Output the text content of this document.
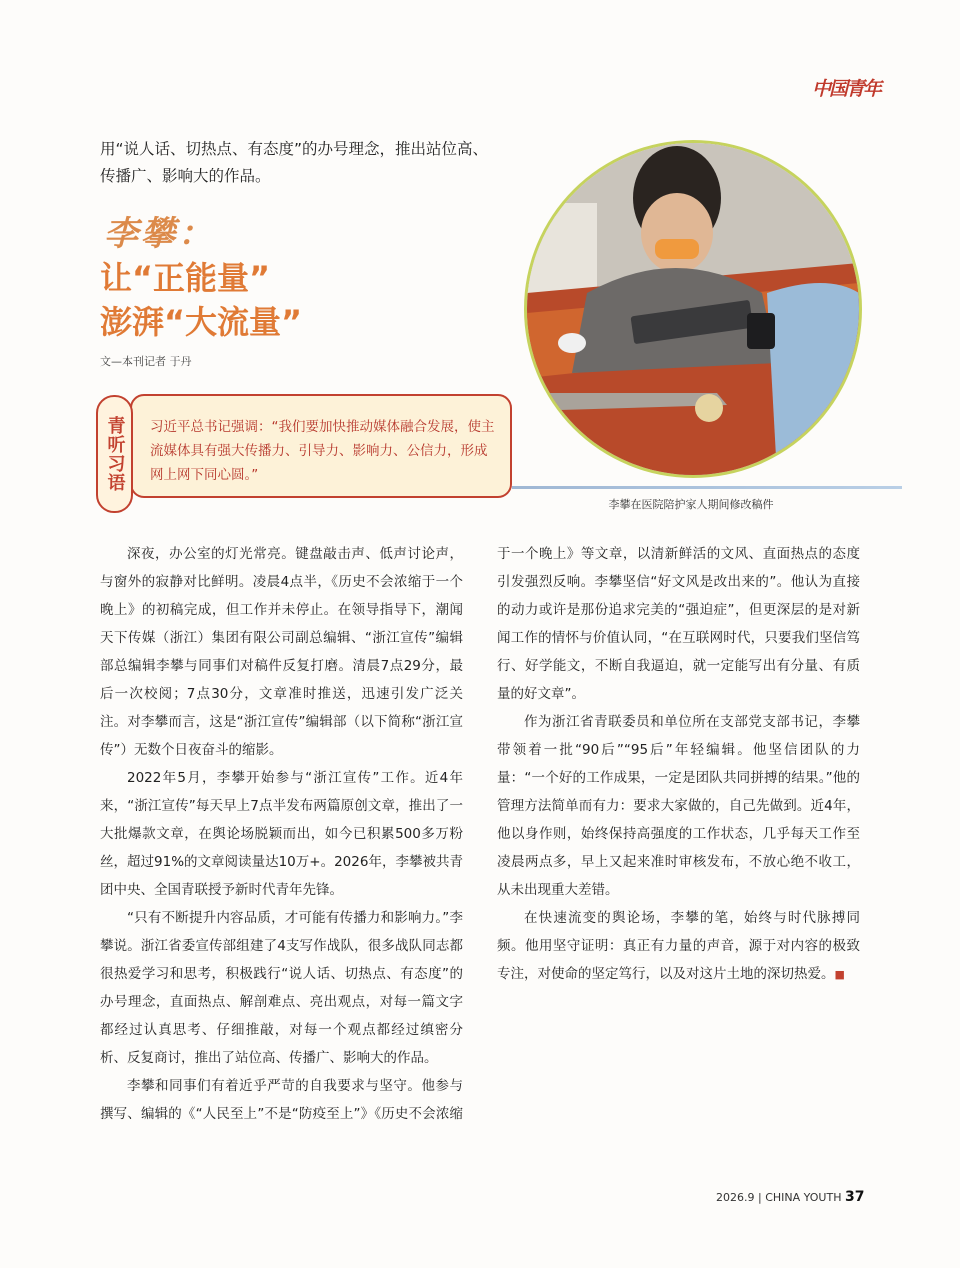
中国青年

用“说人话、切热点、有态度”的办号理念，推出站位高、传播广、影响大的作品。

李攀：
让“正能量”
澎湃“大流量”
文—本刊记者 于丹

习近平总书记强调：“我们要加快推动媒体融合发展，使主流媒体具有强大传播力、引导力、影响力、公信力，形成网上网下同心圆。”

青听习语
李攀在医院陪护家人期间修改稿件

深夜，办公室的灯光常亮。键盘敲击声、低声讨论声，与窗外的寂静对比鲜明。凌晨4点半，《历史不会浓缩于一个晚上》的初稿完成，但工作并未停止。在领导指导下，潮闻天下传媒（浙江）集团有限公司副总编辑、“浙江宣传”编辑部总编辑李攀与同事们对稿件反复打磨。清晨7点29分，最后一次校阅；7点30分，文章准时推送，迅速引发广泛关注。对李攀而言，这是“浙江宣传”编辑部（以下简称“浙江宣传”）无数个日夜奋斗的缩影。

2022年5月，李攀开始参与“浙江宣传”工作。近4年来，“浙江宣传”每天早上7点半发布两篇原创文章，推出了一大批爆款文章，在舆论场脱颖而出，如今已积累500多万粉丝，超过91%的文章阅读量达10万+。2026年，李攀被共青团中央、全国青联授予新时代青年先锋。

“只有不断提升内容品质，才可能有传播力和影响力。”李攀说。浙江省委宣传部组建了4支写作战队，很多战队同志都很热爱学习和思考，积极践行“说人话、切热点、有态度”的办号理念，直面热点、解剖难点、亮出观点，对每一篇文字都经过认真思考、仔细推敲，对每一个观点都经过缜密分析、反复商讨，推出了站位高、传播广、影响大的作品。

李攀和同事们有着近乎严苛的自我要求与坚守。他参与撰写、编辑的《“人民至上”不是“防疫至上”》《历史不会浓缩于一个晚上》等文章，以清新鲜活的文风、直面热点的态度引发强烈反响。李攀坚信“好文风是改出来的”。他认为直接的动力或许是那份追求完美的“强迫症”，但更深层的是对新闻工作的情怀与价值认同，“在互联网时代，只要我们坚信笃行、好学能文，不断自我逼迫，就一定能写出有分量、有质量的好文章”。

作为浙江省青联委员和单位所在支部党支部书记，李攀带领着一批“90后”“95后”年轻编辑。他坚信团队的力量：“一个好的工作成果，一定是团队共同拼搏的结果。”他的管理方法简单而有力：要求大家做的，自己先做到。近4年，他以身作则，始终保持高强度的工作状态，几乎每天工作至凌晨两点多，早上又起来准时审核发布，不放心绝不收工，从未出现重大差错。

在快速流变的舆论场，李攀的笔，始终与时代脉搏同频。他用坚守证明：真正有力量的声音，源于对内容的极致专注，对使命的坚定笃行，以及对这片土地的深切热爱。■

2026.9 | CHINA YOUTH 37
